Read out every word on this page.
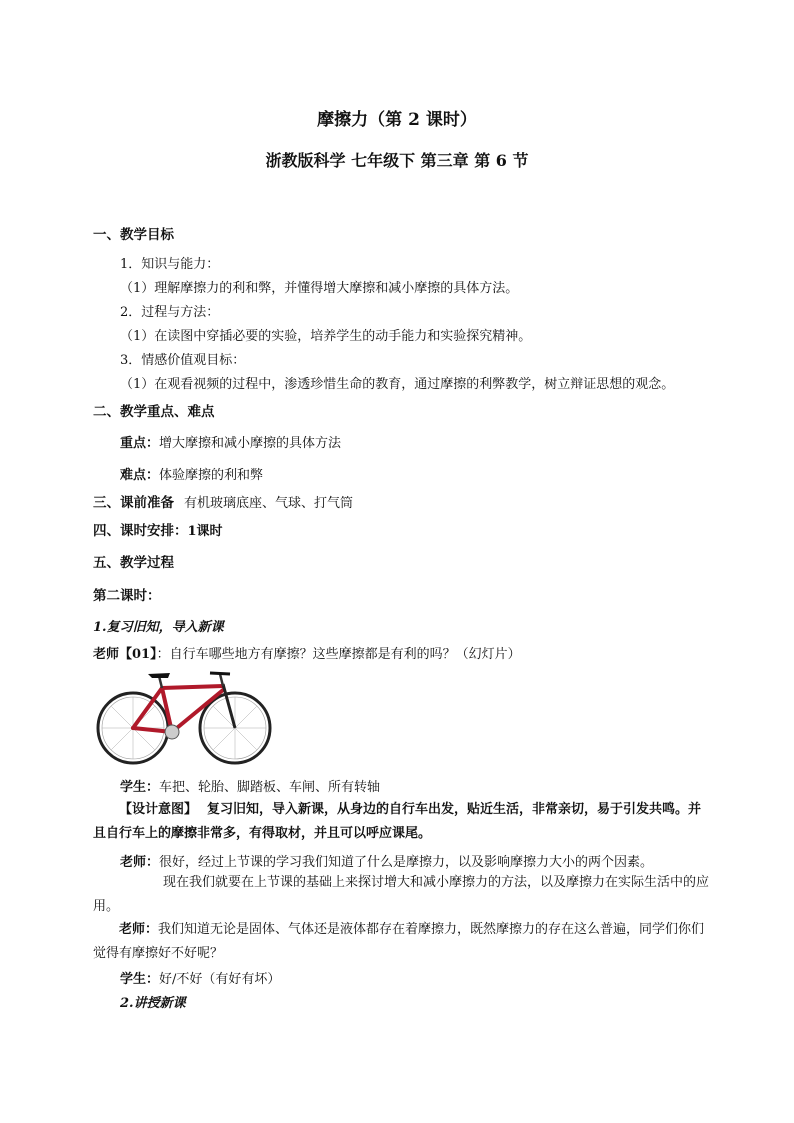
摩擦力（第 2 课时）
浙教版科学 七年级下 第三章 第 6 节
一、教学目标
1．知识与能力：
（1）理解摩擦力的利和弊，并懂得增大摩擦和减小摩擦的具体方法。
2．过程与方法：
（1）在读图中穿插必要的实验，培养学生的动手能力和实验探究精神。
3．情感价值观目标：
（1）在观看视频的过程中，渗透珍惜生命的教育，通过摩擦的利弊教学，树立辩证思想的观念。
二、教学重点、难点
重点：增大摩擦和减小摩擦的具体方法
难点：体验摩擦的利和弊
三、课前准备 有机玻璃底座、气球、打气筒
四、课时安排：1课时
五、教学过程
第二课时：
1.复习旧知，导入新课
老师【01】：自行车哪些地方有摩擦？这些摩擦都是有利的吗？（幻灯片）
学生：车把、轮胎、脚踏板、车闸、所有转轴
【设计意图】 复习旧知，导入新课，从身边的自行车出发，贴近生活，非常亲切，易于引发共鸣。并且自行车上的摩擦非常多，有得取材，并且可以呼应课尾。
老师：很好，经过上节课的学习我们知道了什么是摩擦力，以及影响摩擦力大小的两个因素。
现在我们就要在上节课的基础上来探讨增大和减小摩擦力的方法，以及摩擦力在实际生活中的应用。
老师：我们知道无论是固体、气体还是液体都存在着摩擦力，既然摩擦力的存在这么普遍，同学们你们觉得有摩擦好不好呢？
学生：好/不好（有好有坏）
2.讲授新课
